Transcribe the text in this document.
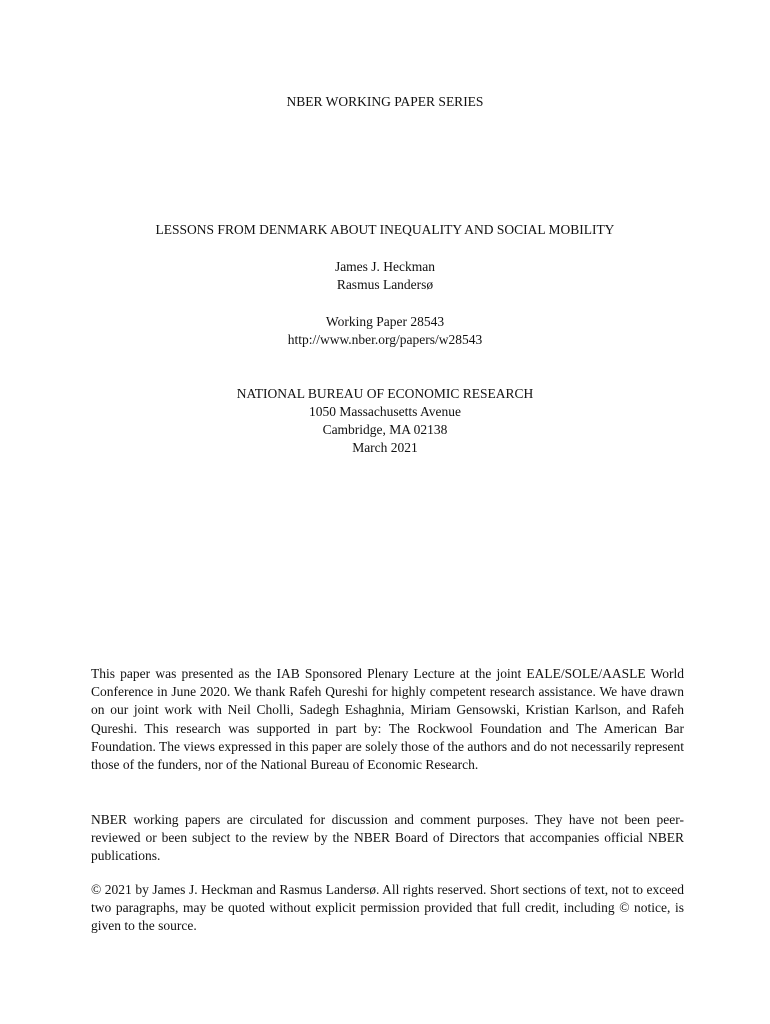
NBER WORKING PAPER SERIES
LESSONS FROM DENMARK ABOUT INEQUALITY AND SOCIAL MOBILITY
James J. Heckman
Rasmus Landersø
Working Paper 28543
http://www.nber.org/papers/w28543
NATIONAL BUREAU OF ECONOMIC RESEARCH
1050 Massachusetts Avenue
Cambridge, MA 02138
March 2021

This paper was presented as the IAB Sponsored Plenary Lecture at the joint EALE/SOLE/AASLE World Conference in June 2020. We thank Rafeh Qureshi for highly competent research assistance. We have drawn on our joint work with Neil Cholli, Sadegh Eshaghnia, Miriam Gensowski, Kristian Karlson, and Rafeh Qureshi. This research was supported in part by: The Rockwool Foundation and The American Bar Foundation. The views expressed in this paper are solely those of the authors and do not necessarily represent those of the funders, nor of the National Bureau of Economic Research.

NBER working papers are circulated for discussion and comment purposes. They have not been peer-reviewed or been subject to the review by the NBER Board of Directors that accompanies official NBER publications.

© 2021 by James J. Heckman and Rasmus Landersø. All rights reserved. Short sections of text, not to exceed two paragraphs, may be quoted without explicit permission provided that full credit, including © notice, is given to the source.
